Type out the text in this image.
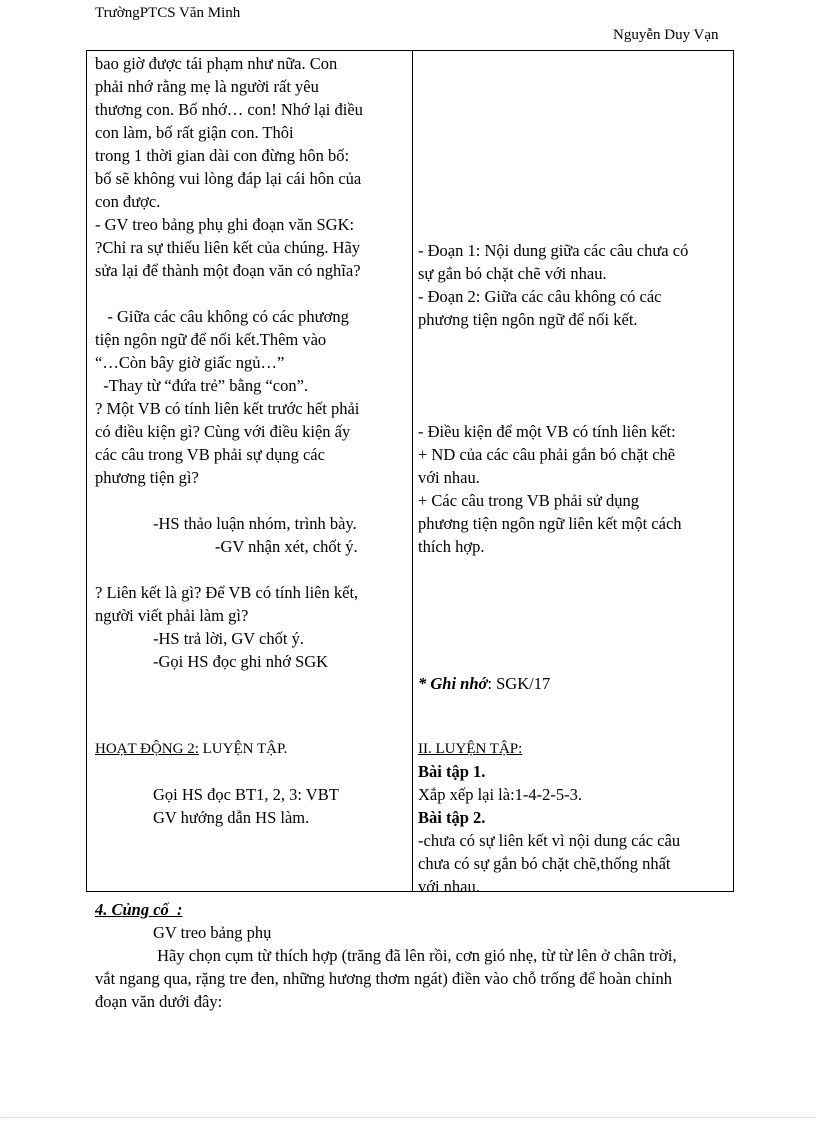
TrườngPTCS Văn Minh
Nguyễn Duy Vạn
bao giờ được tái phạm như nữa. Con
phải nhớ rằng mẹ là người rất yêu
thương con. Bố nhớ… con! Nhớ lại điều
con làm, bố rất giận con. Thôi
trong 1 thời gian dài con đừng hôn bố:
bố sẽ không vui lòng đáp lại cái hôn của
con được.
- GV treo bảng phụ ghi đoạn văn SGK:
?Chỉ ra sự thiếu liên kết của chúng. Hãy
sửa lại để thành một đoạn văn có nghĩa?
- Giữa các câu không có các phương
tiện ngôn ngữ để nối kết.Thêm vào
“…Còn bây giờ giấc ngủ…”
-Thay từ “đứa trẻ” bằng “con”.
? Một VB có tính liên kết trước hết phải
có điều kiện gì? Cùng với điều kiện ấy
các câu trong VB phải sự dụng các
phương tiện gì?
-HS thảo luận nhóm, trình bày.
-GV nhận xét, chốt ý.
? Liên kết là gì? Để VB có tính liên kết,
người viết phải làm gì?
-HS trả lời, GV chốt ý.
-Gọi HS đọc ghi nhớ SGK
HOẠT ĐỘNG 2: LUYỆN TẬP.
Gọi HS đọc BT1, 2, 3: VBT
GV hướng dẫn HS làm.
- Đoạn 1: Nội dung giữa các câu chưa có
sự gắn bó chặt chẽ với nhau.
- Đoạn 2: Giữa các câu không có các
phương tiện ngôn ngữ để nối kết.
- Điều kiện để một VB có tính liên kết:
+ ND của các câu phải gắn bó chặt chẽ
với nhau.
+ Các câu trong VB phải sử dụng
phương tiện ngôn ngữ liên kết một cách
thích hợp.
* Ghi nhớ: SGK/17
II. LUYỆN TẬP:
Bài tập 1.
Xắp xếp lại là:1-4-2-5-3.
Bài tập 2.
-chưa có sự liên kết vì nội dung các câu
chưa có sự gắn bó chặt chẽ,thống nhất
với nhau.
4. Củng cố  :
GV treo bảng phụ
Hãy chọn cụm từ thích hợp (trăng đã lên rồi, cơn gió nhẹ, từ từ lên ở chân trời,
vắt ngang qua, rặng tre đen, những hương thơm ngát) điền vào chỗ trống để hoàn chỉnh
đoạn văn dưới đây:
